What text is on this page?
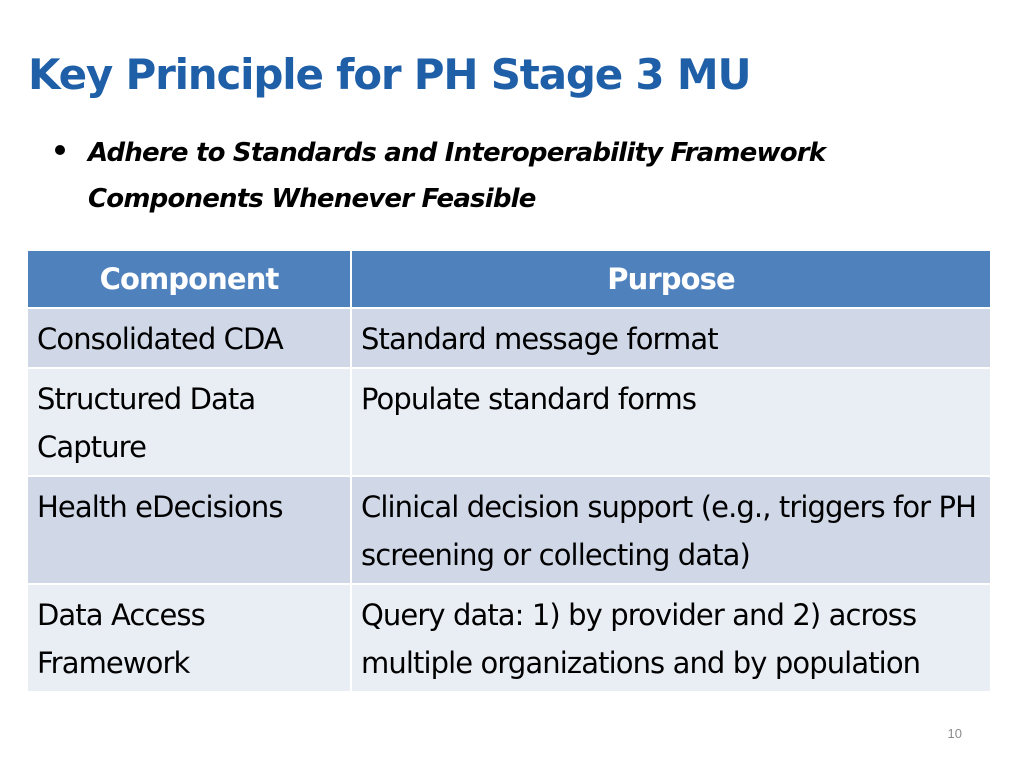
Key Principle for PH Stage 3 MU
Adhere to Standards and Interoperability Framework Components Whenever Feasible
Component	Purpose
Consolidated CDA	Standard message format
Structured Data Capture	Populate standard forms
Health eDecisions	Clinical decision support (e.g., triggers for PH screening or collecting data)
Data Access Framework	Query data: 1) by provider and 2) across multiple organizations and by population
10
